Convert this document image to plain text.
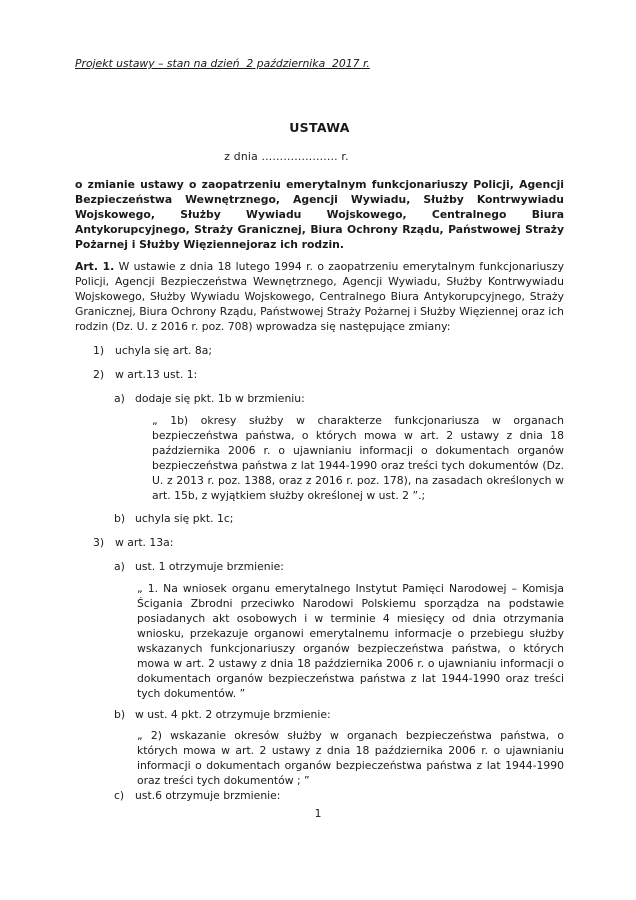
Projekt ustawy – stan na dzień  2 października  2017 r.
USTAWA
z dnia ..................... r.

o zmianie ustawy o zaopatrzeniu emerytalnym funkcjonariuszy Policji, Agencji Bezpieczeństwa Wewnętrznego, Agencji Wywiadu, Służby Kontrwywiadu Wojskowego, Służby Wywiadu Wojskowego, Centralnego Biura Antykorupcyjnego, Straży Granicznej, Biura Ochrony Rządu, Państwowej Straży Pożarnej i Służby Więziennejoraz ich rodzin.

Art. 1. W ustawie z dnia 18 lutego 1994 r. o zaopatrzeniu emerytalnym funkcjonariuszy Policji, Agencji Bezpieczeństwa Wewnętrznego, Agencji Wywiadu, Służby Kontrwywiadu Wojskowego, Służby Wywiadu Wojskowego, Centralnego Biura Antykorupcyjnego, Straży Granicznej, Biura Ochrony Rządu, Państwowej Straży Pożarnej i Służby Więziennej oraz ich rodzin (Dz. U. z 2016 r. poz. 708) wprowadza się następujące zmiany:

1)	uchyla się art. 8a;
2)	w art.13 ust. 1:
a) dodaje się pkt. 1b w brzmieniu:

„ 1b) okresy służby w charakterze funkcjonariusza w organach bezpieczeństwa państwa, o których mowa w art. 2 ustawy z dnia 18 października 2006 r. o ujawnianiu informacji o dokumentach organów bezpieczeństwa państwa z lat 1944-1990 oraz treści tych dokumentów (Dz. U. z 2013 r. poz. 1388, oraz z 2016 r. poz. 178), na zasadach określonych w art. 15b, z wyjątkiem służby określonej w ust. 2 ”.;

b) uchyla się pkt. 1c;
3)	w art. 13a:
a) ust. 1 otrzymuje brzmienie:

„ 1. Na wniosek organu emerytalnego Instytut Pamięci Narodowej – Komisja Ścigania Zbrodni przeciwko Narodowi Polskiemu sporządza na podstawie posiadanych akt osobowych i w terminie 4 miesięcy od dnia otrzymania wniosku, przekazuje organowi emerytalnemu informacje o przebiegu służby wskazanych funkcjonariuszy organów bezpieczeństwa państwa, o których mowa w art. 2 ustawy z dnia 18 października 2006 r. o ujawnianiu informacji o dokumentach organów bezpieczeństwa państwa z lat 1944-1990 oraz treści tych dokumentów. ”

b) w ust. 4 pkt. 2 otrzymuje brzmienie:

„ 2) wskazanie okresów służby w organach bezpieczeństwa państwa, o których mowa w art. 2 ustawy z dnia 18 października 2006 r. o ujawnianiu informacji o dokumentach organów bezpieczeństwa państwa z lat 1944-1990 oraz treści tych dokumentów ; ”

c)	ust.6 otrzymuje brzmienie:
1
